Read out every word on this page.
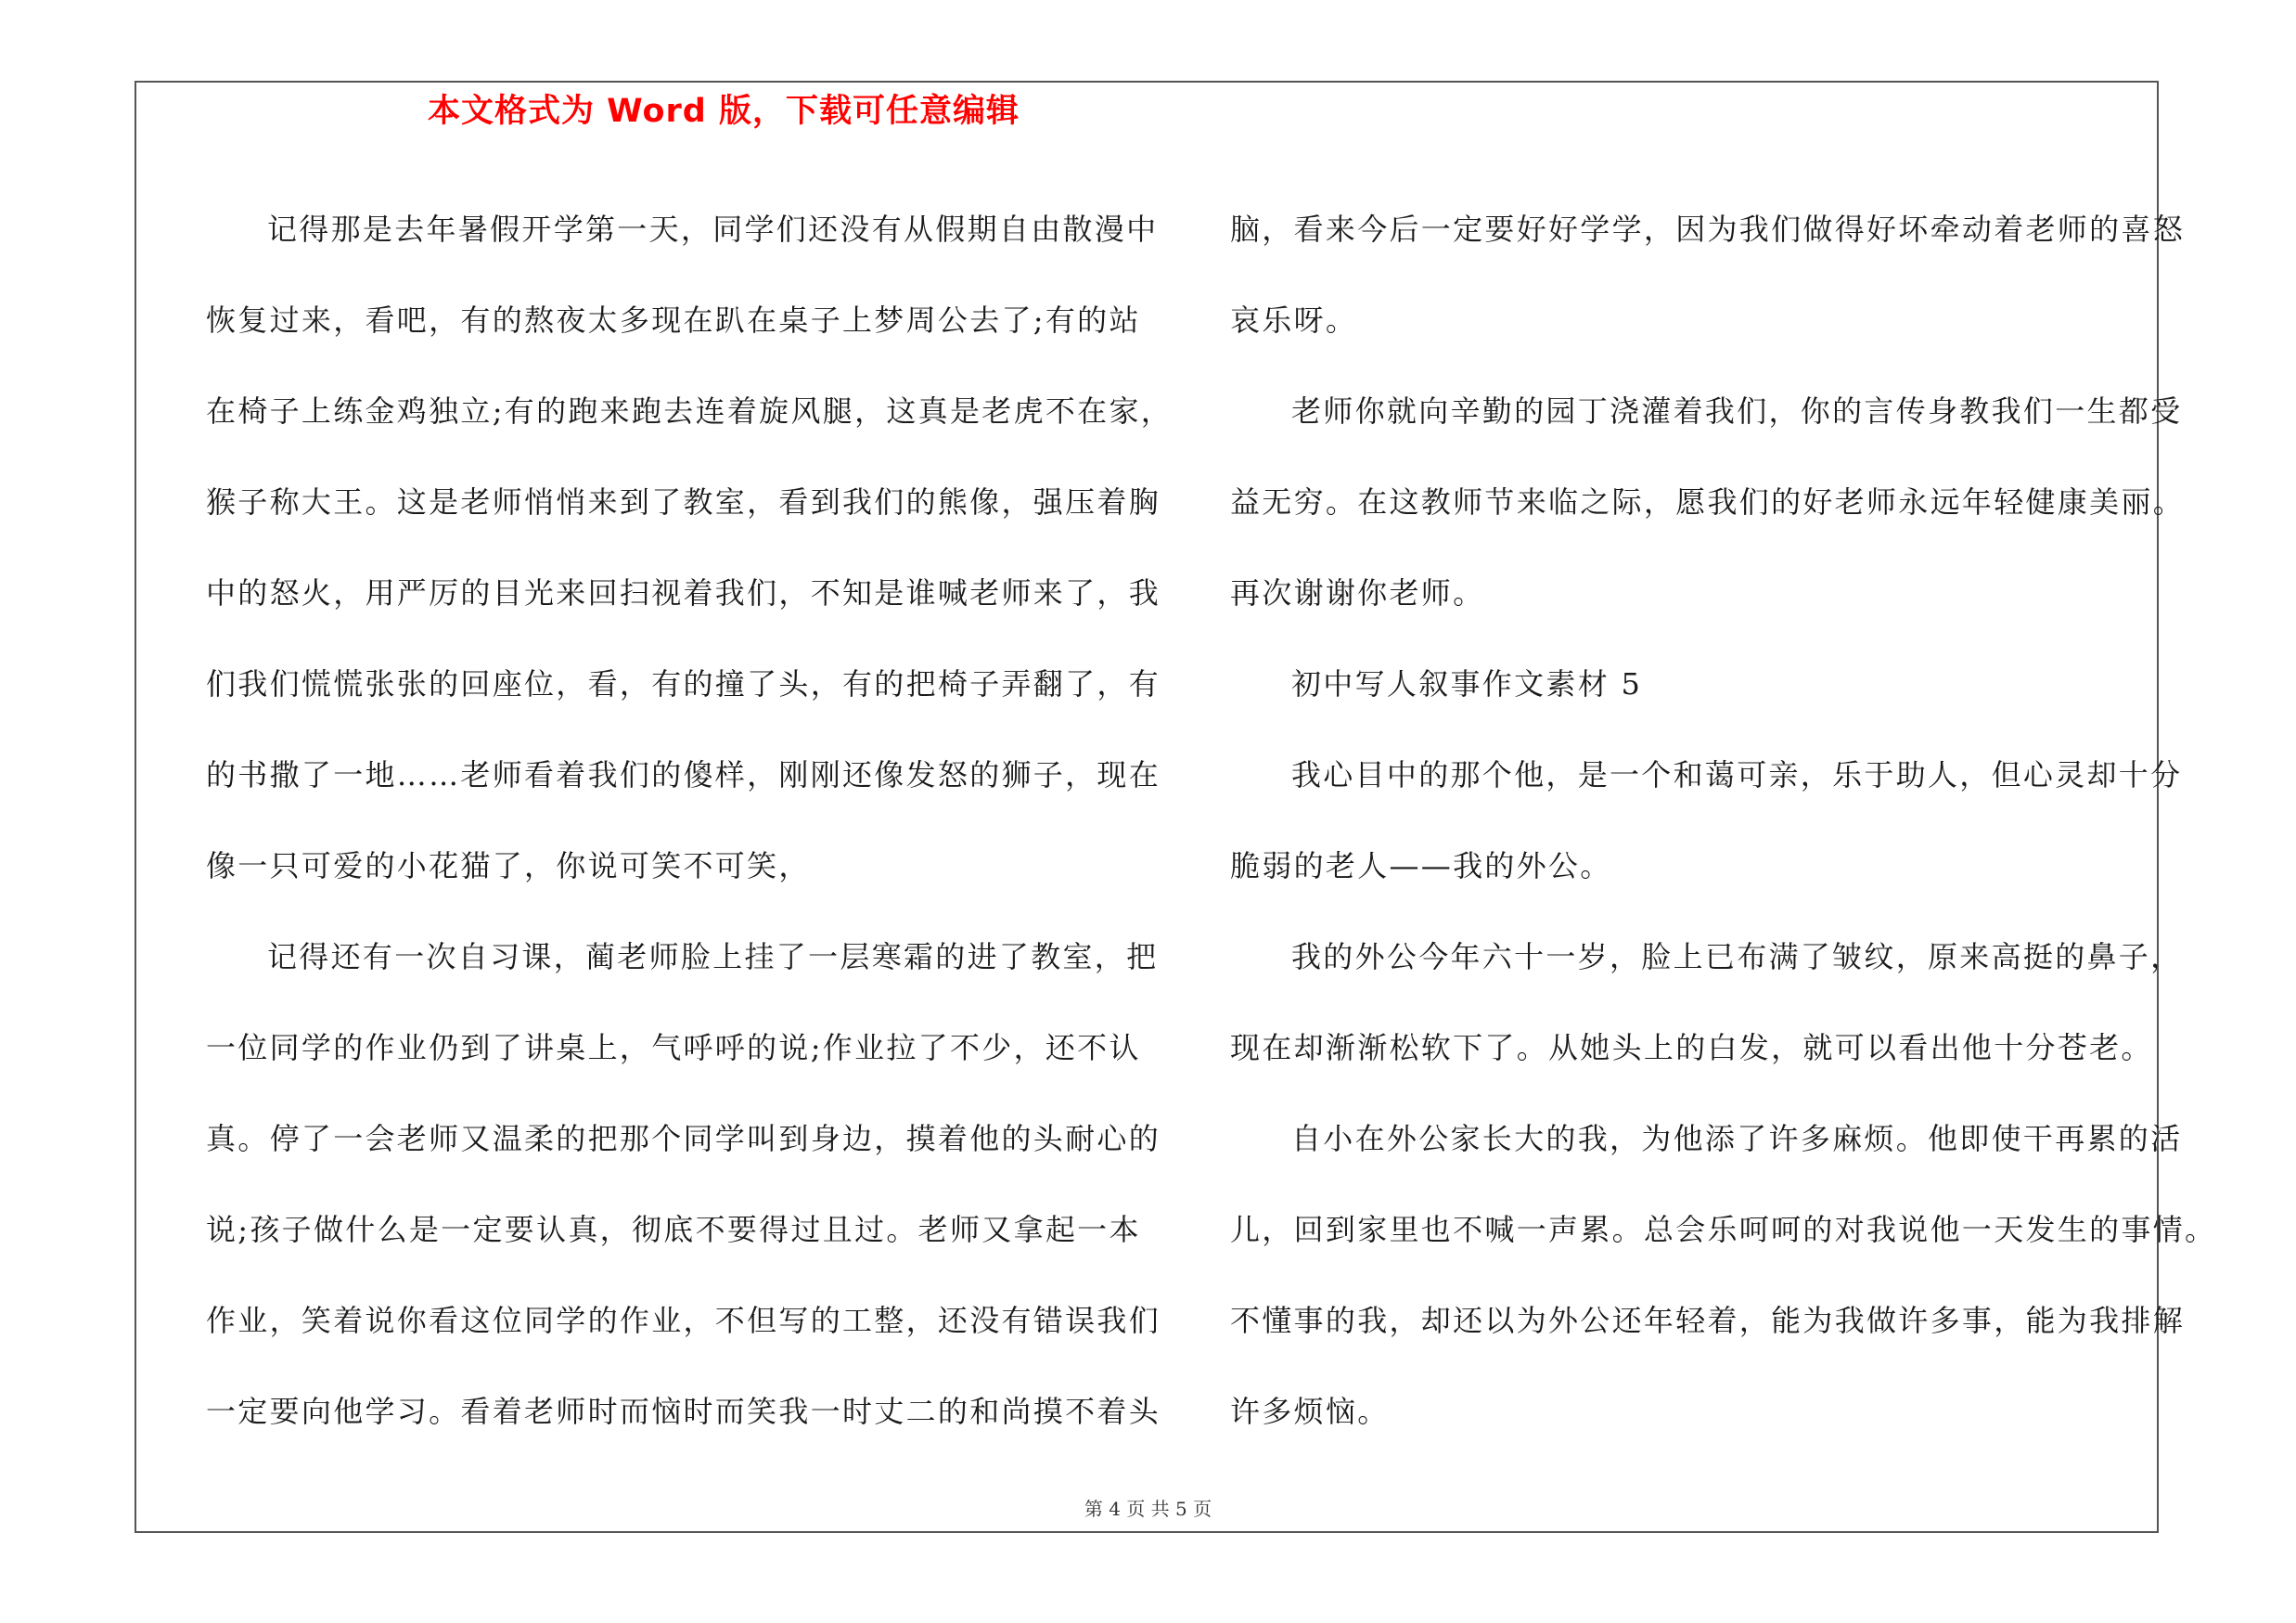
本文格式为 Word 版，下载可任意编辑
记得那是去年暑假开学第一天，同学们还没有从假期自由散漫中
恢复过来，看吧，有的熬夜太多现在趴在桌子上梦周公去了;有的站
在椅子上练金鸡独立;有的跑来跑去连着旋风腿，这真是老虎不在家，
猴子称大王。这是老师悄悄来到了教室，看到我们的熊像，强压着胸
中的怒火，用严厉的目光来回扫视着我们，不知是谁喊老师来了，我
们我们慌慌张张的回座位，看，有的撞了头，有的把椅子弄翻了，有
的书撒了一地……老师看着我们的傻样，刚刚还像发怒的狮子，现在
像一只可爱的小花猫了，你说可笑不可笑，
记得还有一次自习课，蔺老师脸上挂了一层寒霜的进了教室，把
一位同学的作业仍到了讲桌上，气呼呼的说;作业拉了不少，还不认
真。停了一会老师又温柔的把那个同学叫到身边，摸着他的头耐心的
说;孩子做什么是一定要认真，彻底不要得过且过。老师又拿起一本
作业，笑着说你看这位同学的作业，不但写的工整，还没有错误我们
一定要向他学习。看着老师时而恼时而笑我一时丈二的和尚摸不着头
脑，看来今后一定要好好学学，因为我们做得好坏牵动着老师的喜怒
哀乐呀。
老师你就向辛勤的园丁浇灌着我们，你的言传身教我们一生都受
益无穷。在这教师节来临之际，愿我们的好老师永远年轻健康美丽。
再次谢谢你老师。
初中写人叙事作文素材 5
我心目中的那个他，是一个和蔼可亲，乐于助人，但心灵却十分
脆弱的老人——我的外公。
我的外公今年六十一岁，脸上已布满了皱纹，原来高挺的鼻子，
现在却渐渐松软下了。从她头上的白发，就可以看出他十分苍老。
自小在外公家长大的我，为他添了许多麻烦。他即使干再累的活
儿，回到家里也不喊一声累。总会乐呵呵的对我说他一天发生的事情。
不懂事的我，却还以为外公还年轻着，能为我做许多事，能为我排解
许多烦恼。
第 4 页 共 5 页
